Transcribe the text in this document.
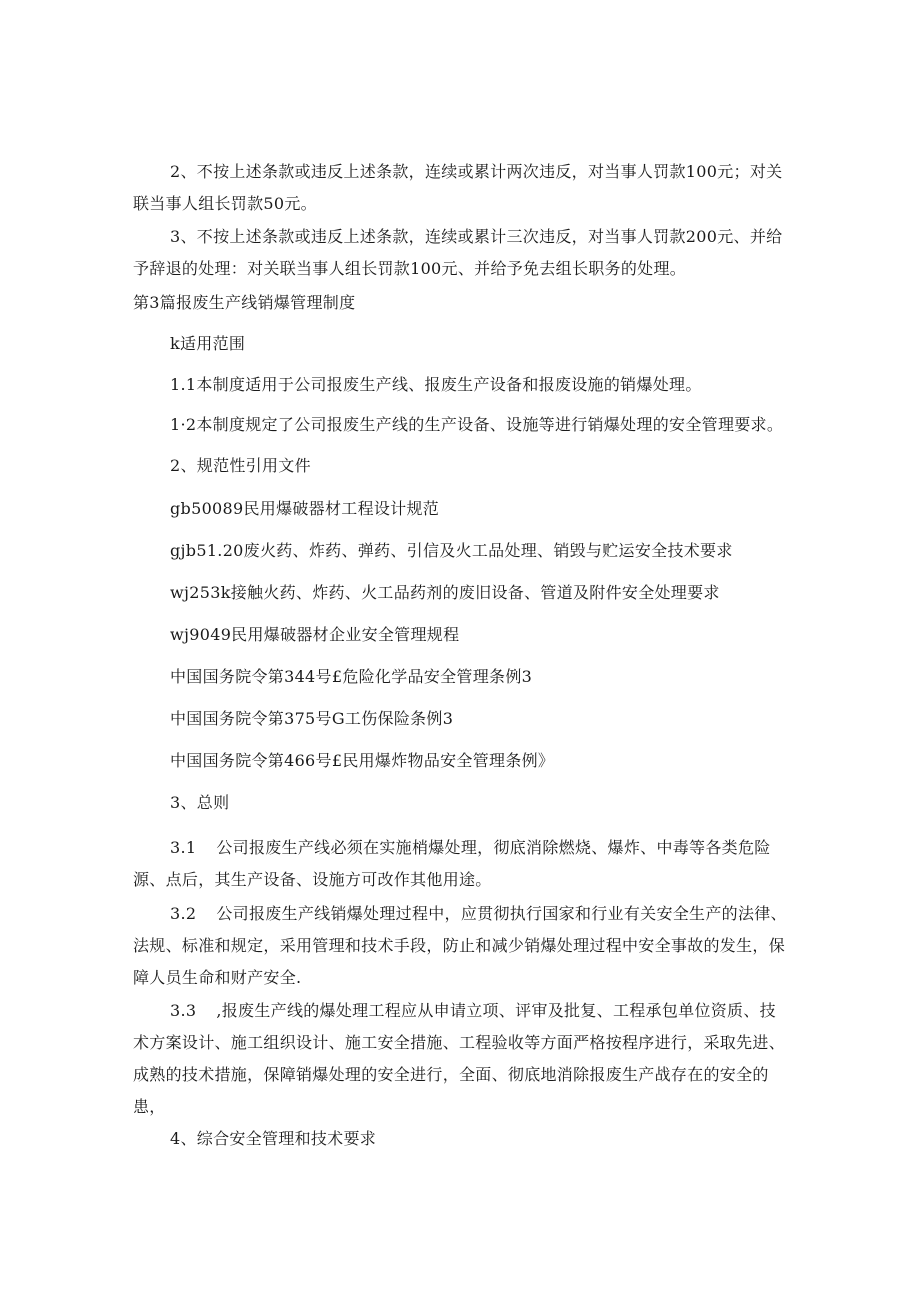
2、不按上述条款或违反上述条款，连续或累计两次违反，对当事人罚款100元；对关联当事人组长罚款50元。
3、不按上述条款或违反上述条款，连续或累计三次违反，对当事人罚款200元、并给予辞退的处理：对关联当事人组长罚款100元、并给予免去组长职务的处理。
第3篇报废生产线销爆管理制度
k适用范围
1.1本制度适用于公司报废生产线、报废生产设备和报废设施的销爆处理。
1·2本制度规定了公司报废生产线的生产设备、设施等进行销爆处理的安全管理要求。
2、规范性引用文件
gb50089民用爆破器材工程设计规范
gjb51.20废火药、炸药、弹药、引信及火工品处理、销毁与贮运安全技术要求
wj253k接触火药、炸药、火工品药剂的废旧设备、管道及附件安全处理要求
wj9049民用爆破器材企业安全管理规程
中国国务院令第344号£危险化学品安全管理条例3
中国国务院令第375号G工伤保险条例3
中国国务院令第466号£民用爆炸物品安全管理条例》
3、总则
3.1 公司报废生产线必须在实施梢爆处理，彻底消除燃烧、爆炸、中毒等各类危险源、点后，其生产设备、设施方可改作其他用途。
3.2 公司报废生产线销爆处理过程中，应贯彻执行国家和行业有关安全生产的法律、法规、标准和规定，采用管理和技术手段，防止和减少销爆处理过程中安全事故的发生，保障人员生命和财产安全.
3.3 ,报废生产线的爆处理工程应从申请立项、评审及批复、工程承包单位资质、技术方案设计、施工组织设计、施工安全措施、工程验收等方面严格按程序进行，采取先进、成熟的技术措施，保障销爆处理的安全进行，全面、彻底地消除报废生产战存在的安全的患，
4、综合安全管理和技术要求
